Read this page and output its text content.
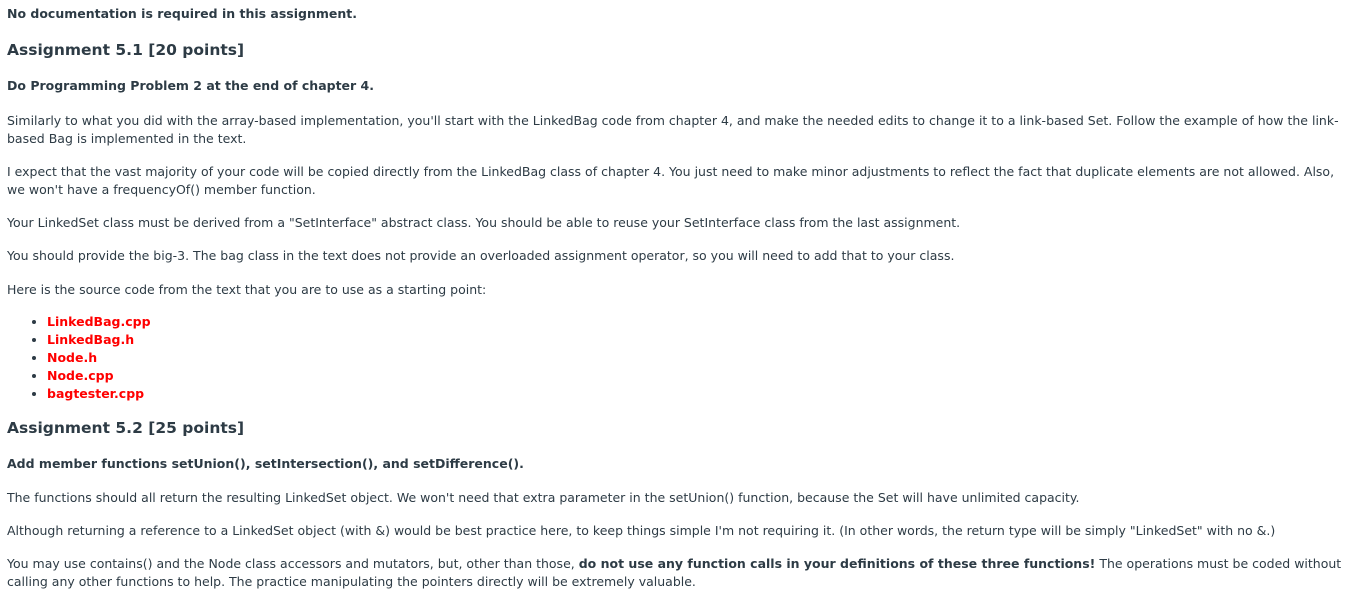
No documentation is required in this assignment.

Assignment 5.1 [20 points]

Do Programming Problem 2 at the end of chapter 4.

Similarly to what you did with the array-based implementation, you'll start with the LinkedBag code from chapter 4, and make the needed edits to change it to a link-based Set. Follow the example of how the link-based Bag is implemented in the text.

I expect that the vast majority of your code will be copied directly from the LinkedBag class of chapter 4. You just need to make minor adjustments to reflect the fact that duplicate elements are not allowed. Also, we won't have a frequencyOf() member function.

Your LinkedSet class must be derived from a "SetInterface" abstract class. You should be able to reuse your SetInterface class from the last assignment.

You should provide the big-3. The bag class in the text does not provide an overloaded assignment operator, so you will need to add that to your class.

Here is the source code from the text that you are to use as a starting point:

• LinkedBag.cpp
• LinkedBag.h
• Node.h
• Node.cpp
• bagtester.cpp
Assignment 5.2 [25 points]

Add member functions setUnion(), setIntersection(), and setDifference().

The functions should all return the resulting LinkedSet object. We won't need that extra parameter in the setUnion() function, because the Set will have unlimited capacity.

Although returning a reference to a LinkedSet object (with &) would be best practice here, to keep things simple I'm not requiring it. (In other words, the return type will be simply "LinkedSet" with no &.)

You may use contains() and the Node class accessors and mutators, but, other than those, do not use any function calls in your definitions of these three functions! The operations must be coded without calling any other functions to help. The practice manipulating the pointers directly will be extremely valuable.
